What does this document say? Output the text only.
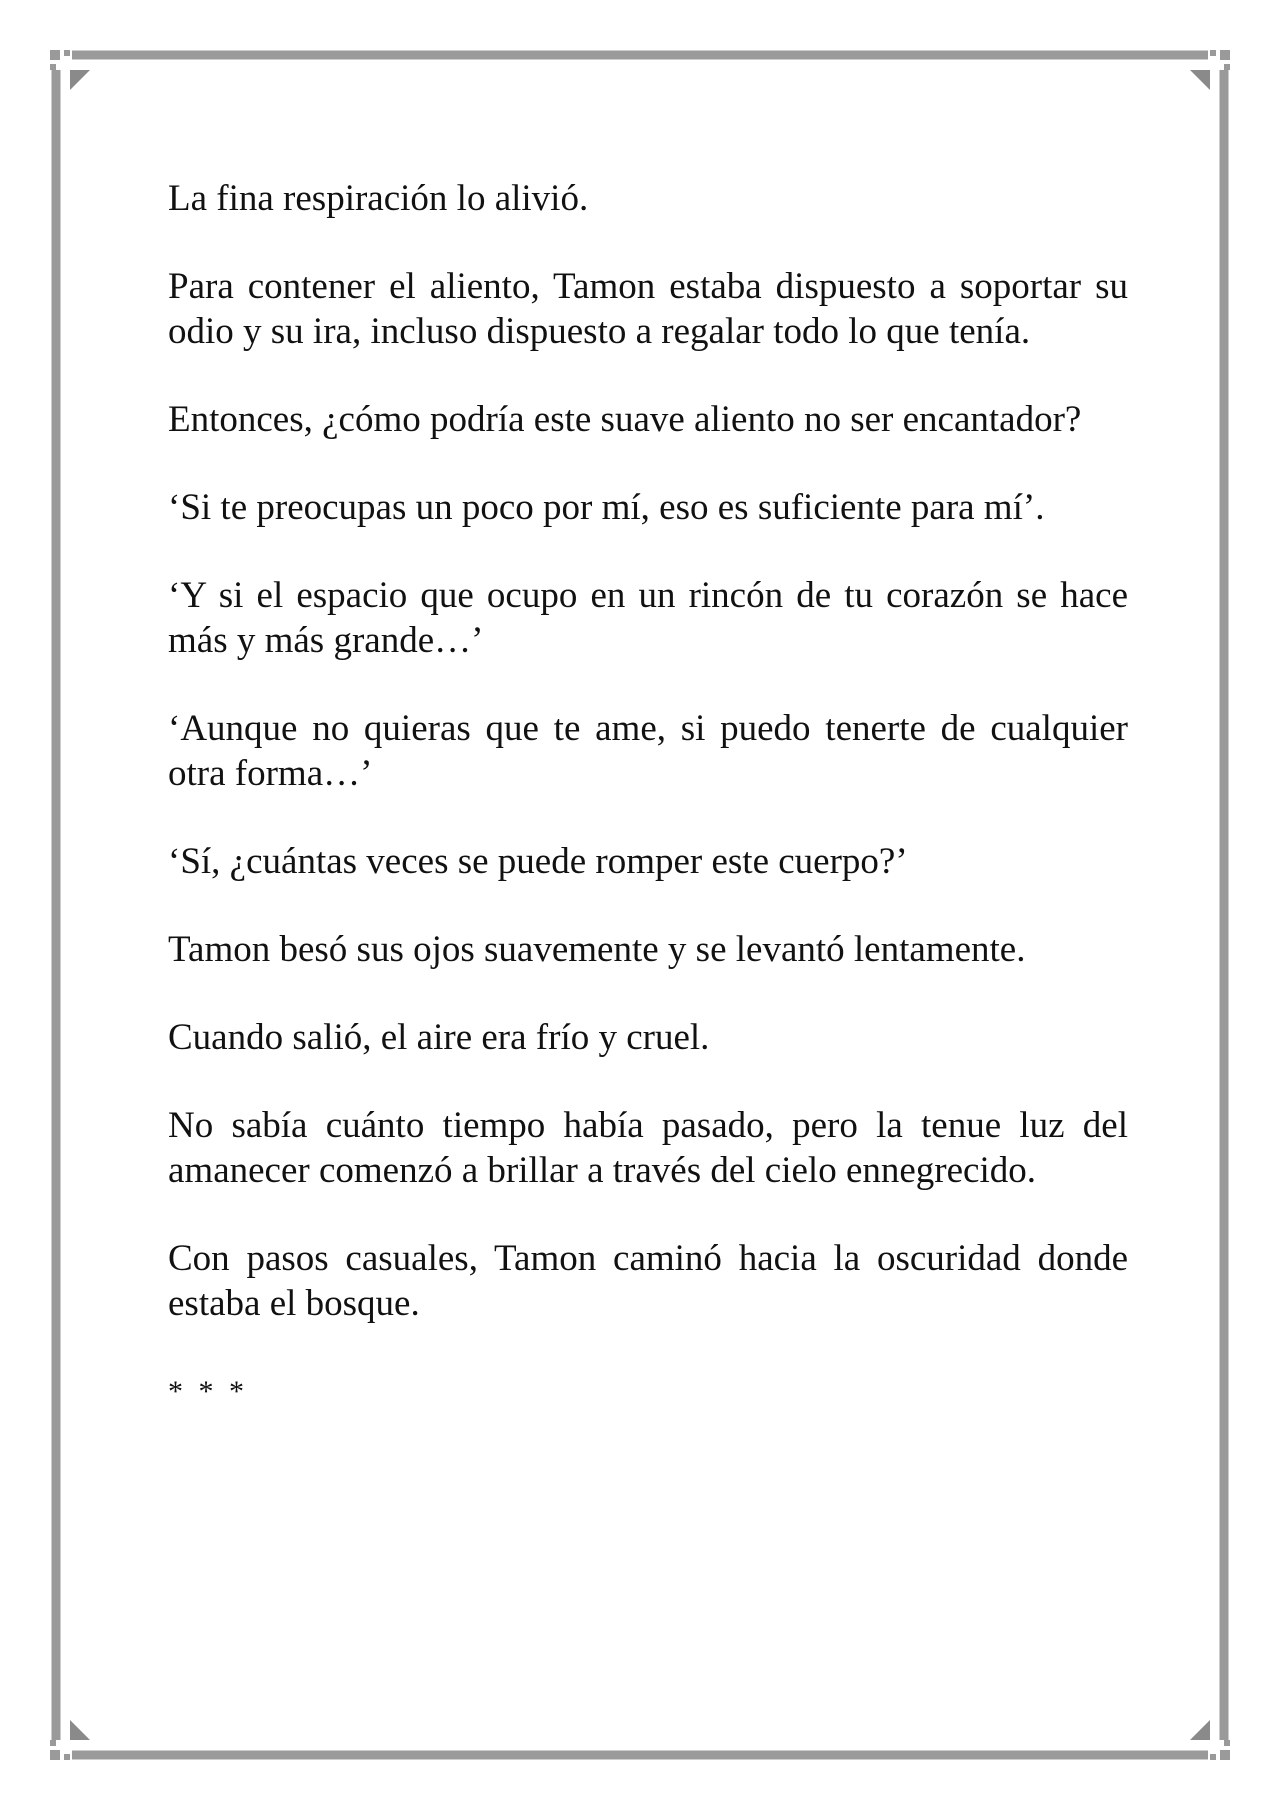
La fina respiración lo alivió.

Para contener el aliento, Tamon estaba dispuesto a soportar su odio y su ira, incluso dispuesto a regalar todo lo que tenía.

Entonces, ¿cómo podría este suave aliento no ser encantador?

‘Si te preocupas un poco por mí, eso es suficiente para mí’.

‘Y si el espacio que ocupo en un rincón de tu corazón se hace más y más grande…’

‘Aunque no quieras que te ame, si puedo tenerte de cualquier otra forma…’

‘Sí, ¿cuántas veces se puede romper este cuerpo?’

Tamon besó sus ojos suavemente y se levantó lentamente.

Cuando salió, el aire era frío y cruel.

No sabía cuánto tiempo había pasado, pero la tenue luz del amanecer comenzó a brillar a través del cielo ennegrecido.

Con pasos casuales, Tamon caminó hacia la oscuridad donde estaba el bosque.

* * *
